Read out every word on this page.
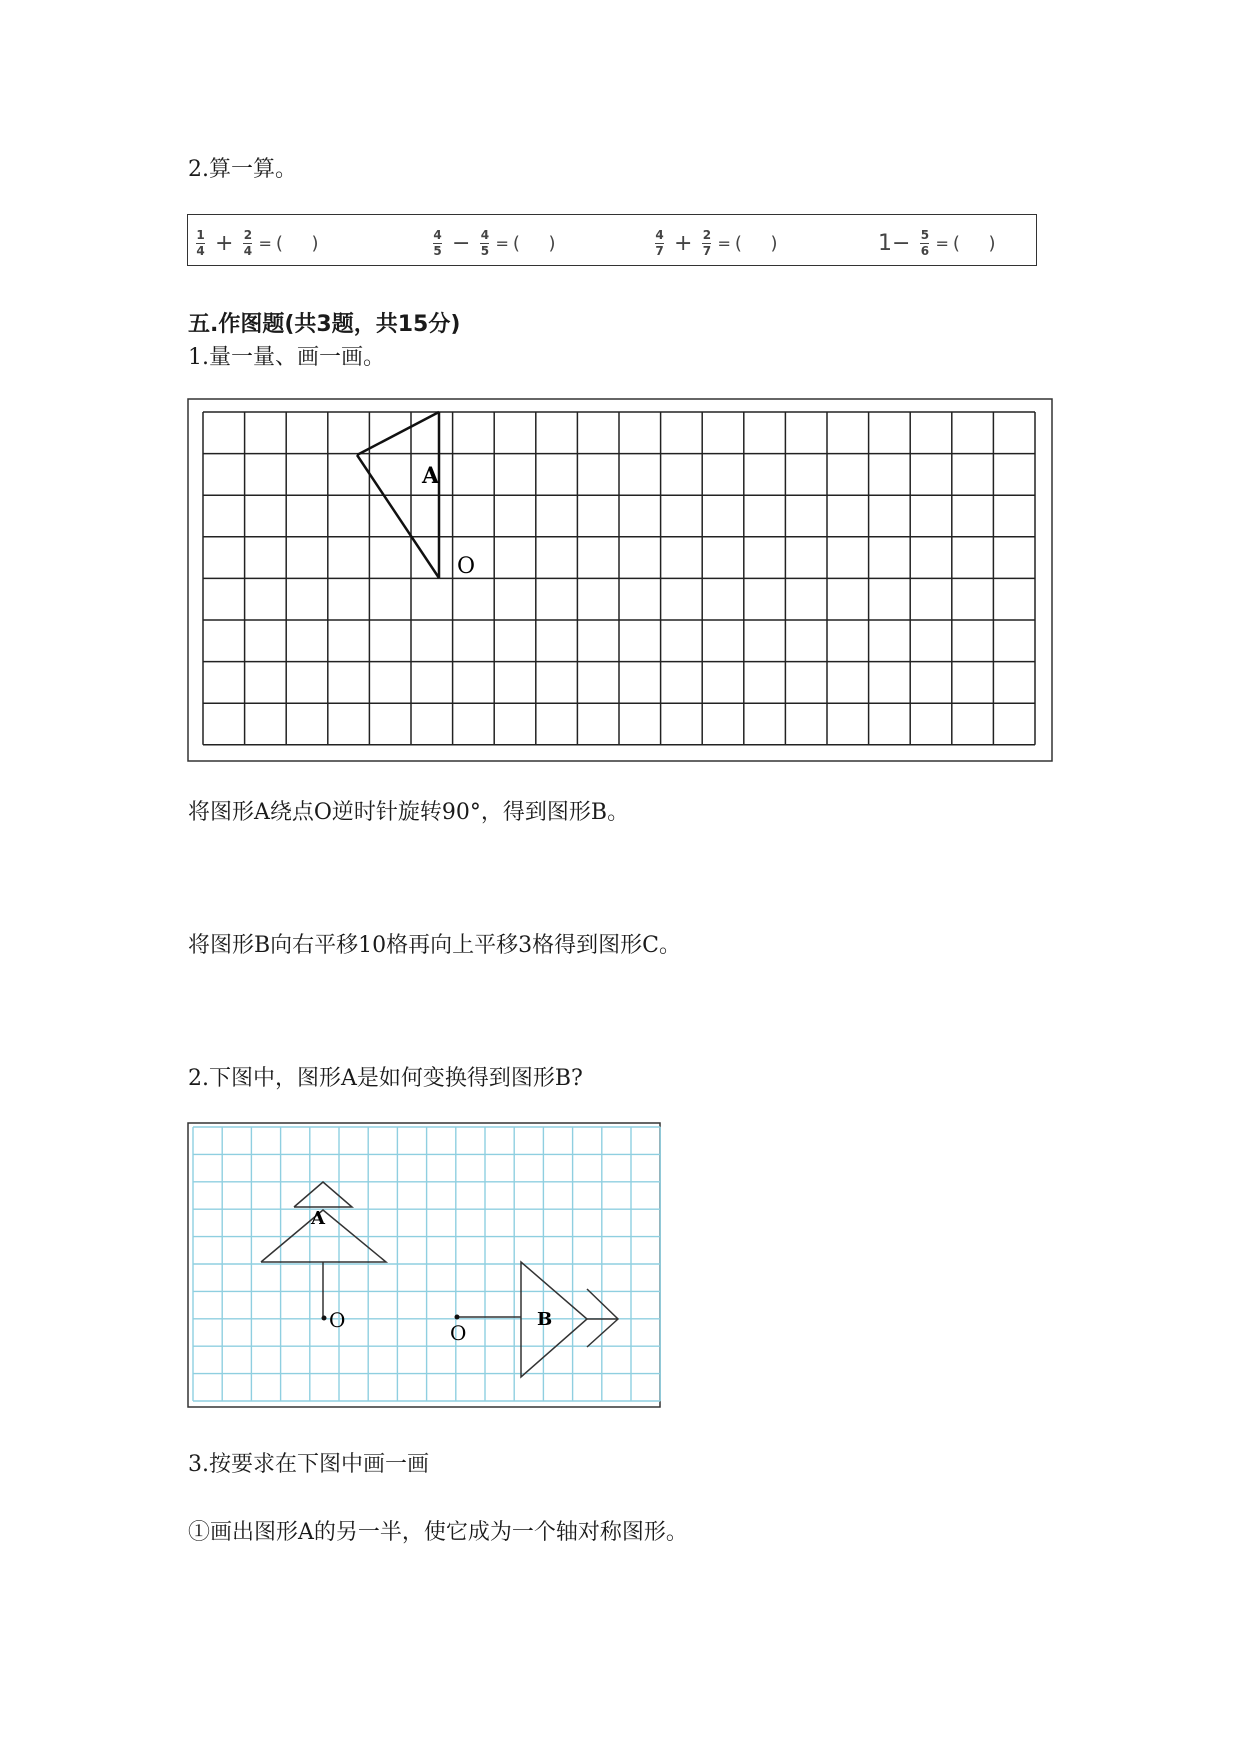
2.算一算。
$\frac{1}{4} + \frac{2}{4}$ = (     )	$\frac{4}{5} - \frac{4}{5}$ = (     )	$\frac{4}{7} + \frac{2}{7}$ = (     )	$1- \frac{5}{6}$ = (     )
五.作图题(共3题，共15分)
1.量一量、画一画。
A
O
将图形A绕点O逆时针旋转90°，得到图形B。
将图形B向右平移10格再向上平移3格得到图形C。
2.下图中，图形A是如何变换得到图形B?
A
O
O
B
3.按要求在下图中画一画
①画出图形A的另一半，使它成为一个轴对称图形。
